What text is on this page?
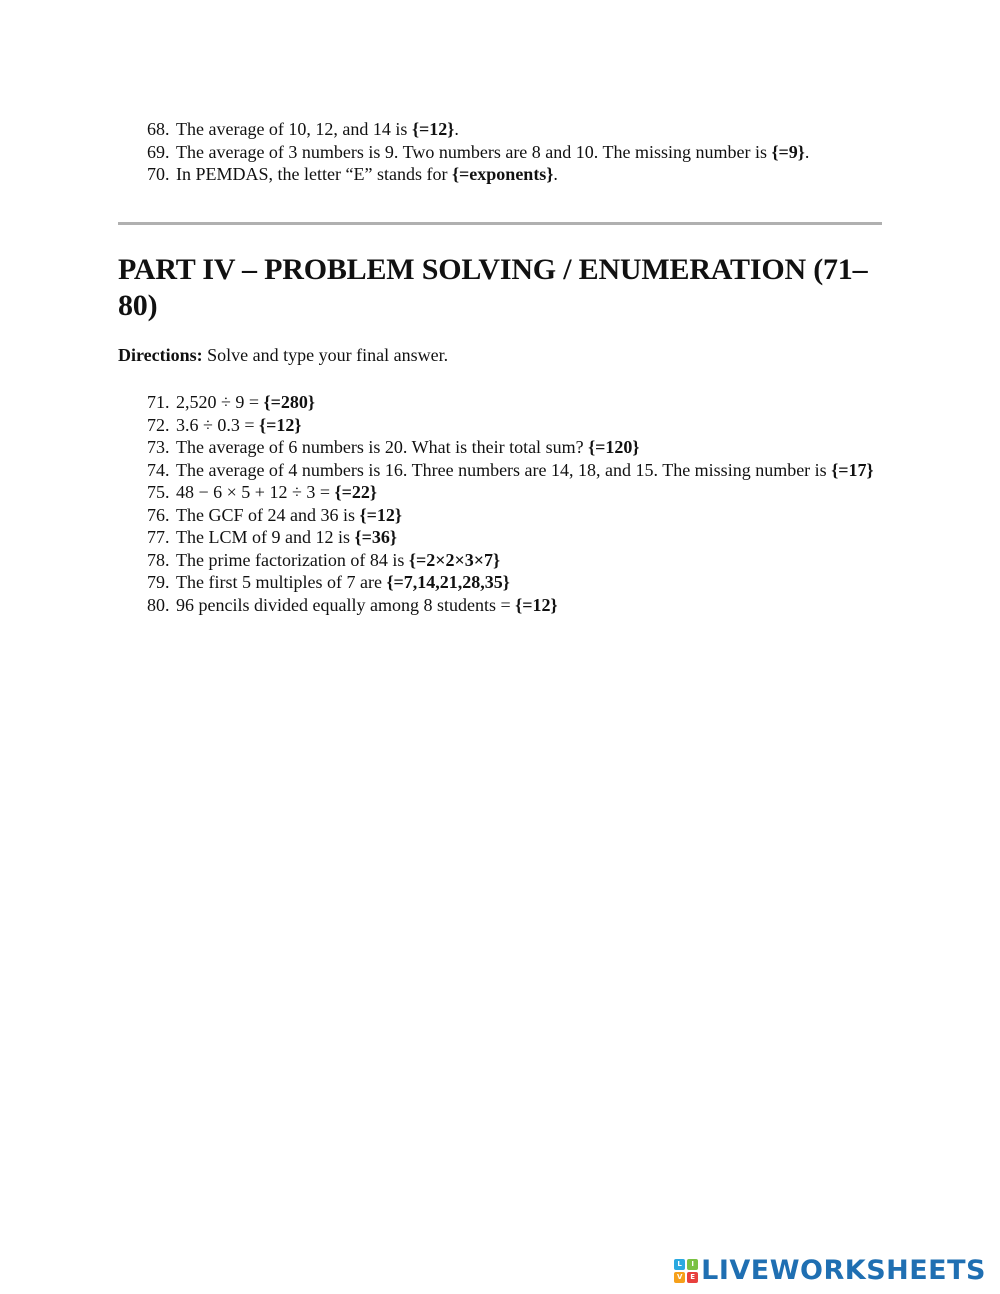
68. The average of 10, 12, and 14 is {=12}.
69. The average of 3 numbers is 9. Two numbers are 8 and 10. The missing number is {=9}.
70. In PEMDAS, the letter “E” stands for {=exponents}.
PART IV – PROBLEM SOLVING / ENUMERATION (71–80)

Directions: Solve and type your final answer.

71. 2,520 ÷ 9 = {=280}
72. 3.6 ÷ 0.3 = {=12}
73. The average of 6 numbers is 20. What is their total sum? {=120}
74. The average of 4 numbers is 16. Three numbers are 14, 18, and 15. The missing number is {=17}
75. 48 − 6 × 5 + 12 ÷ 3 = {=22}
76. The GCF of 24 and 36 is {=12}
77. The LCM of 9 and 12 is {=36}
78. The prime factorization of 84 is {=2×2×3×7}
79. The first 5 multiples of 7 are {=7,14,21,28,35}
80. 96 pencils divided equally among 8 students = {=12}
L	I
V	E LIVEWORKSHEETS
